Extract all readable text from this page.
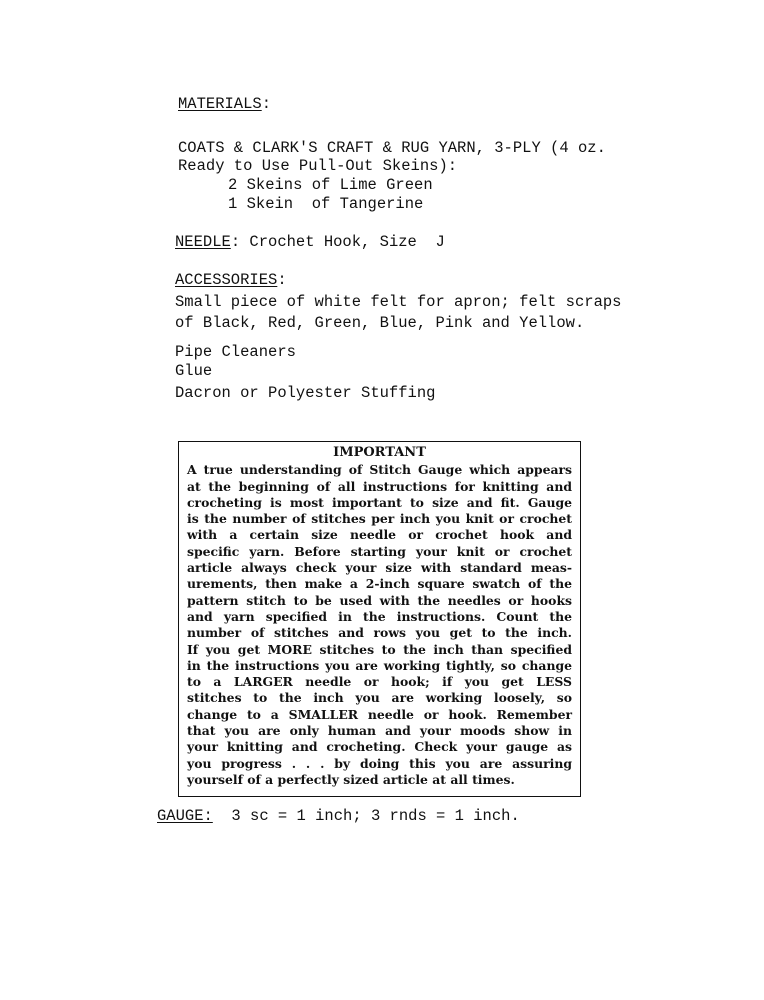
MATERIALS:
COATS & CLARK'S CRAFT & RUG YARN, 3-PLY (4 oz.
Ready to Use Pull-Out Skeins):
2 Skeins of Lime Green
1 Skein  of Tangerine
NEEDLE: Crochet Hook, Size  J
ACCESSORIES:
Small piece of white felt for apron; felt scraps
of Black, Red, Green, Blue, Pink and Yellow.
Pipe Cleaners
Glue
Dacron or Polyester Stuffing
IMPORTANT
A true understanding of Stitch Gauge which appears
at the beginning of all instructions for knitting and
crocheting is most important to size and fit. Gauge
is the number of stitches per inch you knit or crochet
with a certain size needle or crochet hook and
specific yarn. Before starting your knit or crochet
article always check your size with standard meas-
urements, then make a 2-inch square swatch of the
pattern stitch to be used with the needles or hooks
and yarn specified in the instructions. Count the
number of stitches and rows you get to the inch.
If you get MORE stitches to the inch than specified
in the instructions you are working tightly, so change
to a LARGER needle or hook; if you get LESS
stitches to the inch you are working loosely, so
change to a SMALLER needle or hook. Remember
that you are only human and your moods show in
your knitting and crocheting. Check your gauge as
you progress . . . by doing this you are assuring
yourself of a perfectly sized article at all times.
GAUGE:  3 sc = 1 inch; 3 rnds = 1 inch.
